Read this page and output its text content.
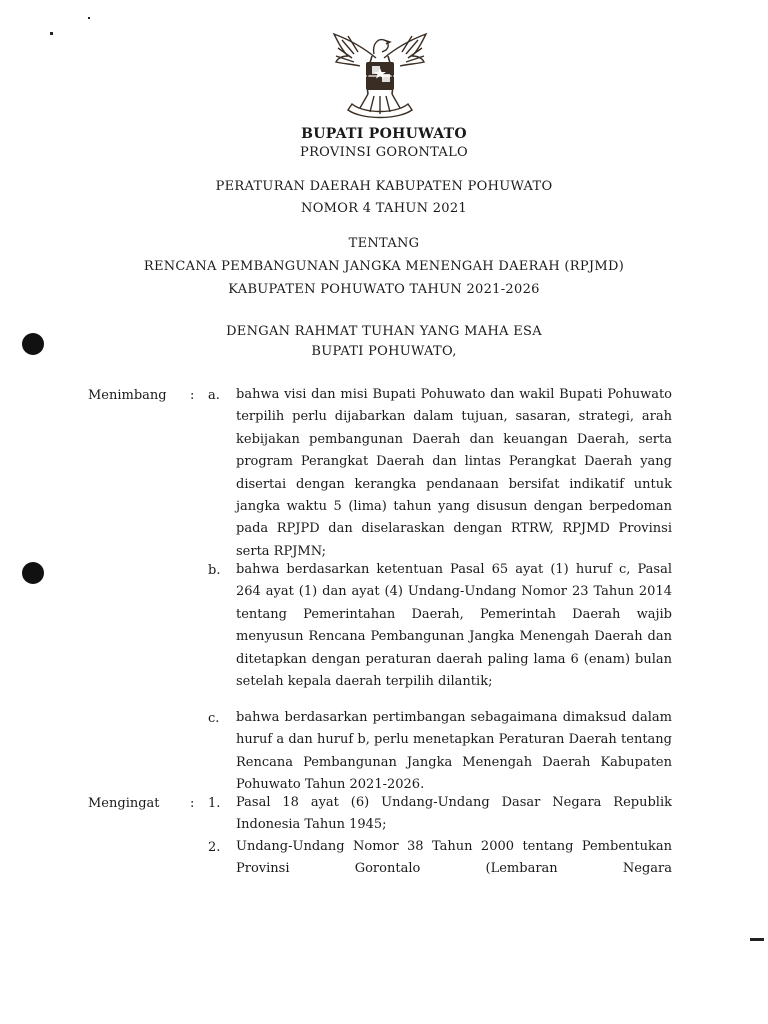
BUPATI POHUWATO
PROVINSI GORONTALO
PERATURAN DAERAH KABUPATEN POHUWATO
NOMOR 4 TAHUN 2021
TENTANG
RENCANA PEMBANGUNAN JANGKA MENENGAH DAERAH (RPJMD)
KABUPATEN POHUWATO TAHUN 2021-2026
DENGAN RAHMAT TUHAN YANG MAHA ESA
BUPATI POHUWATO,
Menimbang : a. bahwa visi dan misi Bupati Pohuwato dan wakil Bupati Pohuwato terpilih perlu dijabarkan dalam tujuan, sasaran, strategi, arah kebijakan pembangunan Daerah dan keuangan Daerah, serta program Perangkat Daerah dan lintas Perangkat Daerah yang disertai dengan kerangka pendanaan bersifat indikatif untuk jangka waktu 5 (lima) tahun yang disusun dengan berpedoman pada RPJPD dan diselaraskan dengan RTRW, RPJMD Provinsi serta RPJMN;
b. bahwa berdasarkan ketentuan Pasal 65 ayat (1) huruf c, Pasal 264 ayat (1) dan ayat (4) Undang-Undang Nomor 23 Tahun 2014 tentang Pemerintahan Daerah, Pemerintah Daerah wajib menyusun Rencana Pembangunan Jangka Menengah Daerah dan ditetapkan dengan peraturan daerah paling lama 6 (enam) bulan setelah kepala daerah terpilih dilantik;
c. bahwa berdasarkan pertimbangan sebagaimana dimaksud dalam huruf a dan huruf b, perlu menetapkan Peraturan Daerah tentang Rencana Pembangunan Jangka Menengah Daerah Kabupaten Pohuwato Tahun 2021-2026.
Mengingat : 1. Pasal 18 ayat (6) Undang-Undang Dasar Negara Republik Indonesia Tahun 1945;
2. Undang-Undang Nomor 38 Tahun 2000 tentang Pembentukan Provinsi Gorontalo (Lembaran Negara
